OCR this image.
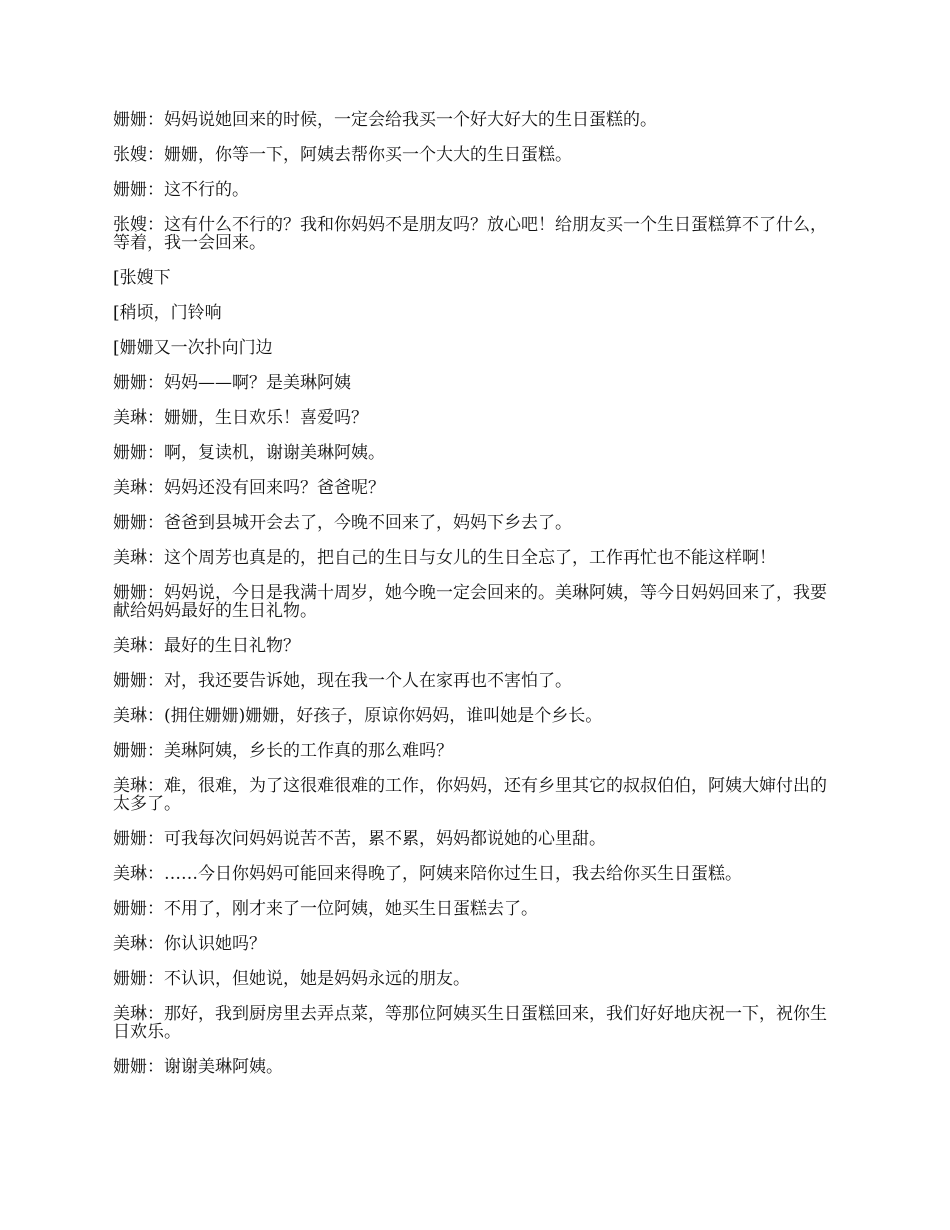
姗姗：妈妈说她回来的时候，一定会给我买一个好大好大的生日蛋糕的。

张嫂：姗姗，你等一下，阿姨去帮你买一个大大的生日蛋糕。

姗姗：这不行的。

张嫂：这有什么不行的？我和你妈妈不是朋友吗？放心吧！给朋友买一个生日蛋糕算不了什么，等着，我一会回来。

[张嫂下

[稍顷，门铃响

[姗姗又一次扑向门边

姗姗：妈妈——啊？是美琳阿姨

美琳：姗姗，生日欢乐！喜爱吗？

姗姗：啊，复读机，谢谢美琳阿姨。

美琳：妈妈还没有回来吗？爸爸呢？

姗姗：爸爸到县城开会去了，今晚不回来了，妈妈下乡去了。

美琳：这个周芳也真是的，把自己的生日与女儿的生日全忘了，工作再忙也不能这样啊！

姗姗：妈妈说，今日是我满十周岁，她今晚一定会回来的。美琳阿姨，等今日妈妈回来了，我要献给妈妈最好的生日礼物。

美琳：最好的生日礼物？

姗姗：对，我还要告诉她，现在我一个人在家再也不害怕了。

美琳：(拥住姗姗)姗姗，好孩子，原谅你妈妈，谁叫她是个乡长。

姗姗：美琳阿姨，乡长的工作真的那么难吗？

美琳：难，很难，为了这很难很难的工作，你妈妈，还有乡里其它的叔叔伯伯，阿姨大婶付出的太多了。

姗姗：可我每次问妈妈说苦不苦，累不累，妈妈都说她的心里甜。

美琳：……今日你妈妈可能回来得晚了，阿姨来陪你过生日，我去给你买生日蛋糕。

姗姗：不用了，刚才来了一位阿姨，她买生日蛋糕去了。

美琳：你认识她吗？

姗姗：不认识，但她说，她是妈妈永远的朋友。

美琳：那好，我到厨房里去弄点菜，等那位阿姨买生日蛋糕回来，我们好好地庆祝一下，祝你生日欢乐。

姗姗：谢谢美琳阿姨。
